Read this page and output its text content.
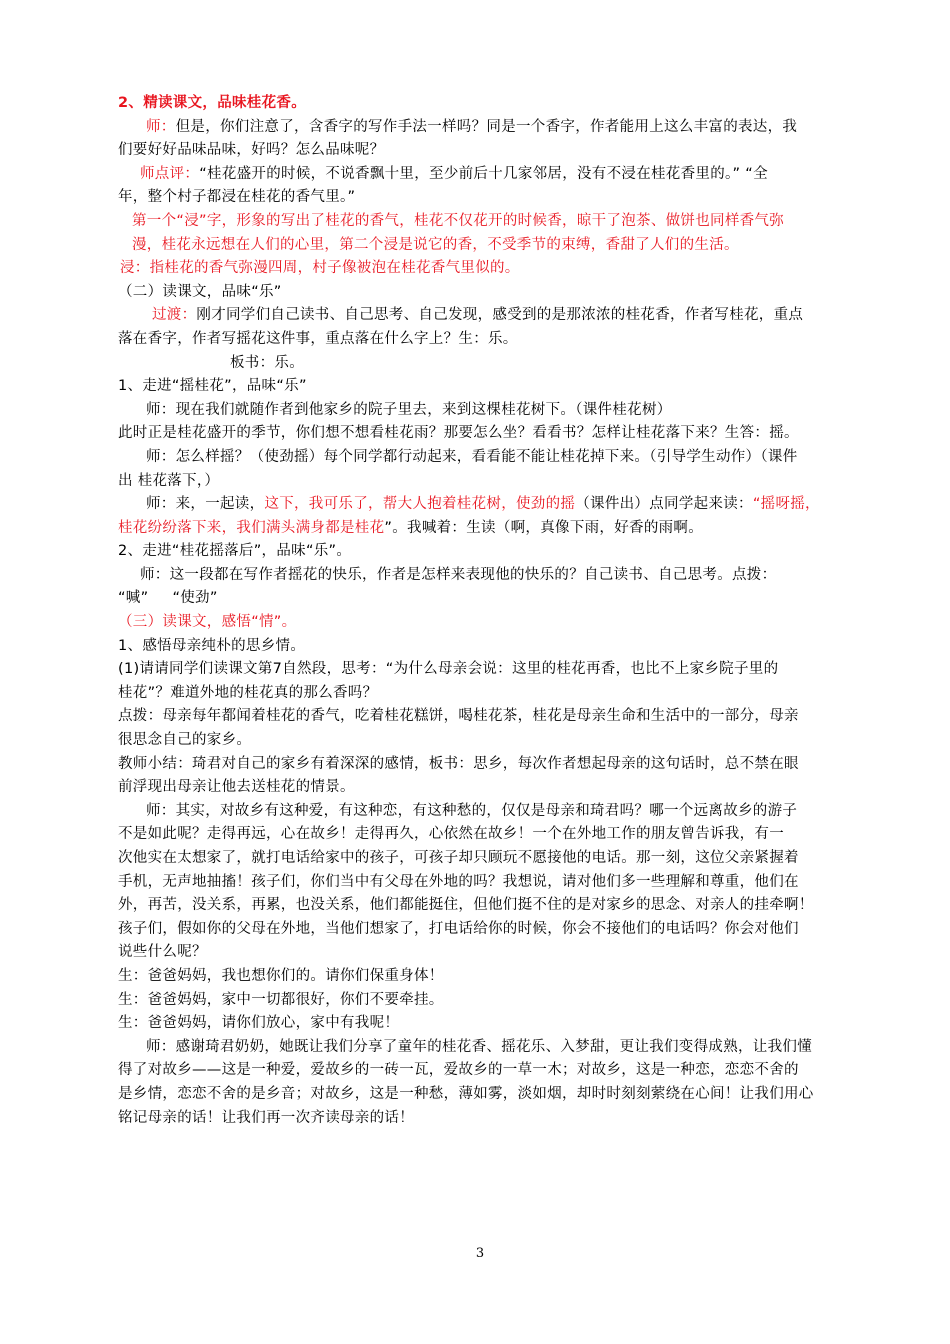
2、精读课文，品味桂花香。
师：但是，你们注意了，含香字的写作手法一样吗？同是一个香字，作者能用上这么丰富的表达，我
们要好好品味品味，好吗？怎么品味呢？
师点评：“桂花盛开的时候，不说香飘十里，至少前后十几家邻居，没有不浸在桂花香里的。” “全
年，整个村子都浸在桂花的香气里。”
第一个“浸”字，形象的写出了桂花的香气，桂花不仅花开的时候香，晾干了泡茶、做饼也同样香气弥
漫，桂花永远想在人们的心里，第二个浸是说它的香，不受季节的束缚，香甜了人们的生活。
浸：指桂花的香气弥漫四周，村子像被泡在桂花香气里似的。
（二）读课文，品味“乐”
过渡：刚才同学们自己读书、自己思考、自己发现，感受到的是那浓浓的桂花香，作者写桂花，重点
落在香字，作者写摇花这件事，重点落在什么字上？生：乐。
板书：乐。
1、走进“摇桂花”，品味“乐”
师：现在我们就随作者到他家乡的院子里去，来到这棵桂花树下。（课件桂花树）
此时正是桂花盛开的季节，你们想不想看桂花雨？那要怎么坐？看看书？怎样让桂花落下来？生答：摇。
师：怎么样摇？（使劲摇）每个同学都行动起来，看看能不能让桂花掉下来。（引导学生动作）（课件
出 桂花落下，）
师：来，一起读，这下，我可乐了，帮大人抱着桂花树，使劲的摇（课件出）点同学起来读：“摇呀摇，
桂花纷纷落下来，我们满头满身都是桂花”。我喊着：生读（啊，真像下雨，好香的雨啊。
2、走进“桂花摇落后”，品味“乐”。
师：这一段都在写作者摇花的快乐，作者是怎样来表现他的快乐的？自己读书、自己思考。点拨：
“喊” “使劲”
（三）读课文，感悟“情”。
1、感悟母亲纯朴的思乡情。
(1)请请同学们读课文第7自然段，思考：“为什么母亲会说：这里的桂花再香，也比不上家乡院子里的
桂花”？难道外地的桂花真的那么香吗？
点拨：母亲每年都闻着桂花的香气，吃着桂花糕饼，喝桂花茶，桂花是母亲生命和生活中的一部分，母亲
很思念自己的家乡。
教师小结：琦君对自己的家乡有着深深的感情，板书：思乡，每次作者想起母亲的这句话时，总不禁在眼
前浮现出母亲让他去送桂花的情景。
师：其实，对故乡有这种爱，有这种恋，有这种愁的，仅仅是母亲和琦君吗？哪一个远离故乡的游子
不是如此呢？走得再远，心在故乡！走得再久，心依然在故乡！一个在外地工作的朋友曾告诉我，有一
次他实在太想家了，就打电话给家中的孩子，可孩子却只顾玩不愿接他的电话。那一刻，这位父亲紧握着
手机，无声地抽搐！孩子们，你们当中有父母在外地的吗？我想说，请对他们多一些理解和尊重，他们在
外，再苦，没关系，再累，也没关系，他们都能挺住，但他们挺不住的是对家乡的思念、对亲人的挂牵啊！
孩子们，假如你的父母在外地，当他们想家了，打电话给你的时候，你会不接他们的电话吗？你会对他们
说些什么呢？
生：爸爸妈妈，我也想你们的。请你们保重身体！
生：爸爸妈妈，家中一切都很好，你们不要牵挂。
生：爸爸妈妈，请你们放心，家中有我呢！
师：感谢琦君奶奶，她既让我们分享了童年的桂花香、摇花乐、入梦甜，更让我们变得成熟，让我们懂
得了对故乡——这是一种爱，爱故乡的一砖一瓦，爱故乡的一草一木；对故乡，这是一种恋，恋恋不舍的
是乡情，恋恋不舍的是乡音；对故乡，这是一种愁，薄如雾，淡如烟，却时时刻刻萦绕在心间！让我们用心
铭记母亲的话！让我们再一次齐读母亲的话！
3
